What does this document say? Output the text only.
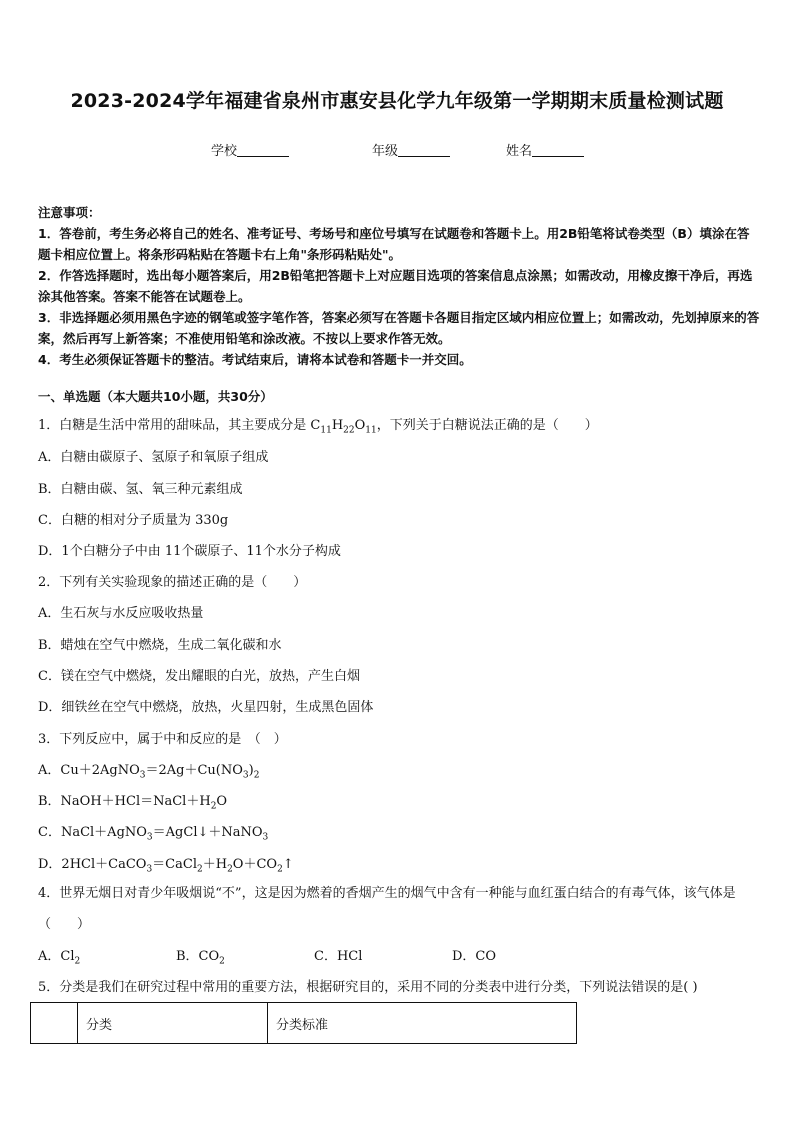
2023-2024学年福建省泉州市惠安县化学九年级第一学期期末质量检测试题
学校	年级	姓名

注意事项：

1．答卷前，考生务必将自己的姓名、准考证号、考场号和座位号填写在试题卷和答题卡上。用2B铅笔将试卷类型（B）填涂在答题卡相应位置上。将条形码粘贴在答题卡右上角"条形码粘贴处"。

2．作答选择题时，选出每小题答案后，用2B铅笔把答题卡上对应题目选项的答案信息点涂黑；如需改动，用橡皮擦干净后，再选涂其他答案。答案不能答在试题卷上。

3．非选择题必须用黑色字迹的钢笔或签字笔作答，答案必须写在答题卡各题目指定区域内相应位置上；如需改动，先划掉原来的答案，然后再写上新答案；不准使用铅笔和涂改液。不按以上要求作答无效。

4．考生必须保证答题卡的整洁。考试结束后，请将本试卷和答题卡一并交回。

一、单选题（本大题共10小题，共30分）
1．白糖是生活中常用的甜味品，其主要成分是 $C_{11}H_{22}O_{11}$，下列关于白糖说法正确的是（　　）
A．白糖由碳原子、氢原子和氧原子组成
B．白糖由碳、氢、氧三种元素组成
C．白糖的相对分子质量为 330g
D．1个白糖分子中由 11个碳原子、11个水分子构成
2．下列有关实验现象的描述正确的是（　　）
A．生石灰与水反应吸收热量
B．蜡烛在空气中燃烧，生成二氧化碳和水
C．镁在空气中燃烧，发出耀眼的白光，放热，产生白烟
D．细铁丝在空气中燃烧，放热，火星四射，生成黑色固体
3．下列反应中，属于中和反应的是　（　）
A．$Cu+2AgNO_3=2Ag+Cu(NO_3)_2$
B．$NaOH+HCl=NaCl+H_2O$
C．NaCl＋AgNO$_3$＝AgCl↓＋NaNO$_3$
D．$2HCl+CaCO_3=CaCl_2+H_2O+CO_2↑$
4．世界无烟日对青少年吸烟说“不”，这是因为燃着的香烟产生的烟气中含有一种能与血红蛋白结合的有毒气体，该气体是（　　）
A．$Cl_2$	B．$CO_2$	C．HCl	D．CO
5．分类是我们在研究过程中常用的重要方法，根据研究目的，采用不同的分类表中进行分类，下列说法错误的是( )
	分类	分类标准
